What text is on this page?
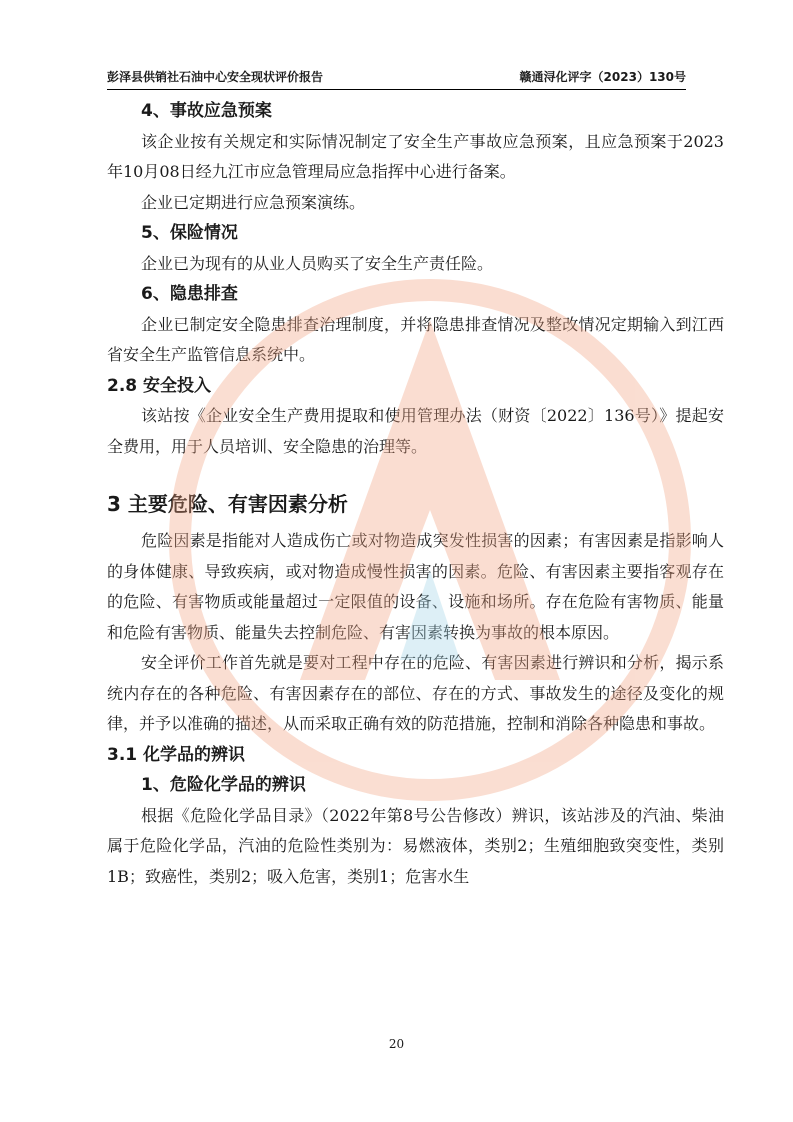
彭泽县供销社石油中心安全现状评价报告	赣通浔化评字（2023）130号
4、事故应急预案
该企业按有关规定和实际情况制定了安全生产事故应急预案，且应急预案于2023年10月08日经九江市应急管理局应急指挥中心进行备案。
企业已定期进行应急预案演练。
5、保险情况
企业已为现有的从业人员购买了安全生产责任险。
6、隐患排查
企业已制定安全隐患排查治理制度，并将隐患排查情况及整改情况定期输入到江西省安全生产监管信息系统中。
2.8 安全投入
该站按《企业安全生产费用提取和使用管理办法（财资〔2022〕136号）》提起安全费用，用于人员培训、安全隐患的治理等。
3 主要危险、有害因素分析
危险因素是指能对人造成伤亡或对物造成突发性损害的因素；有害因素是指影响人的身体健康、导致疾病，或对物造成慢性损害的因素。危险、有害因素主要指客观存在的危险、有害物质或能量超过一定限值的设备、设施和场所。存在危险有害物质、能量和危险有害物质、能量失去控制危险、有害因素转换为事故的根本原因。
安全评价工作首先就是要对工程中存在的危险、有害因素进行辨识和分析，揭示系统内存在的各种危险、有害因素存在的部位、存在的方式、事故发生的途径及变化的规律，并予以准确的描述，从而采取正确有效的防范措施，控制和消除各种隐患和事故。
3.1 化学品的辨识
1、危险化学品的辨识
根据《危险化学品目录》（2022年第8号公告修改）辨识，该站涉及的汽油、柴油属于危险化学品，汽油的危险性类别为：易燃液体，类别2；生殖细胞致突变性，类别1B；致癌性，类别2；吸入危害，类别1；危害水生
20
